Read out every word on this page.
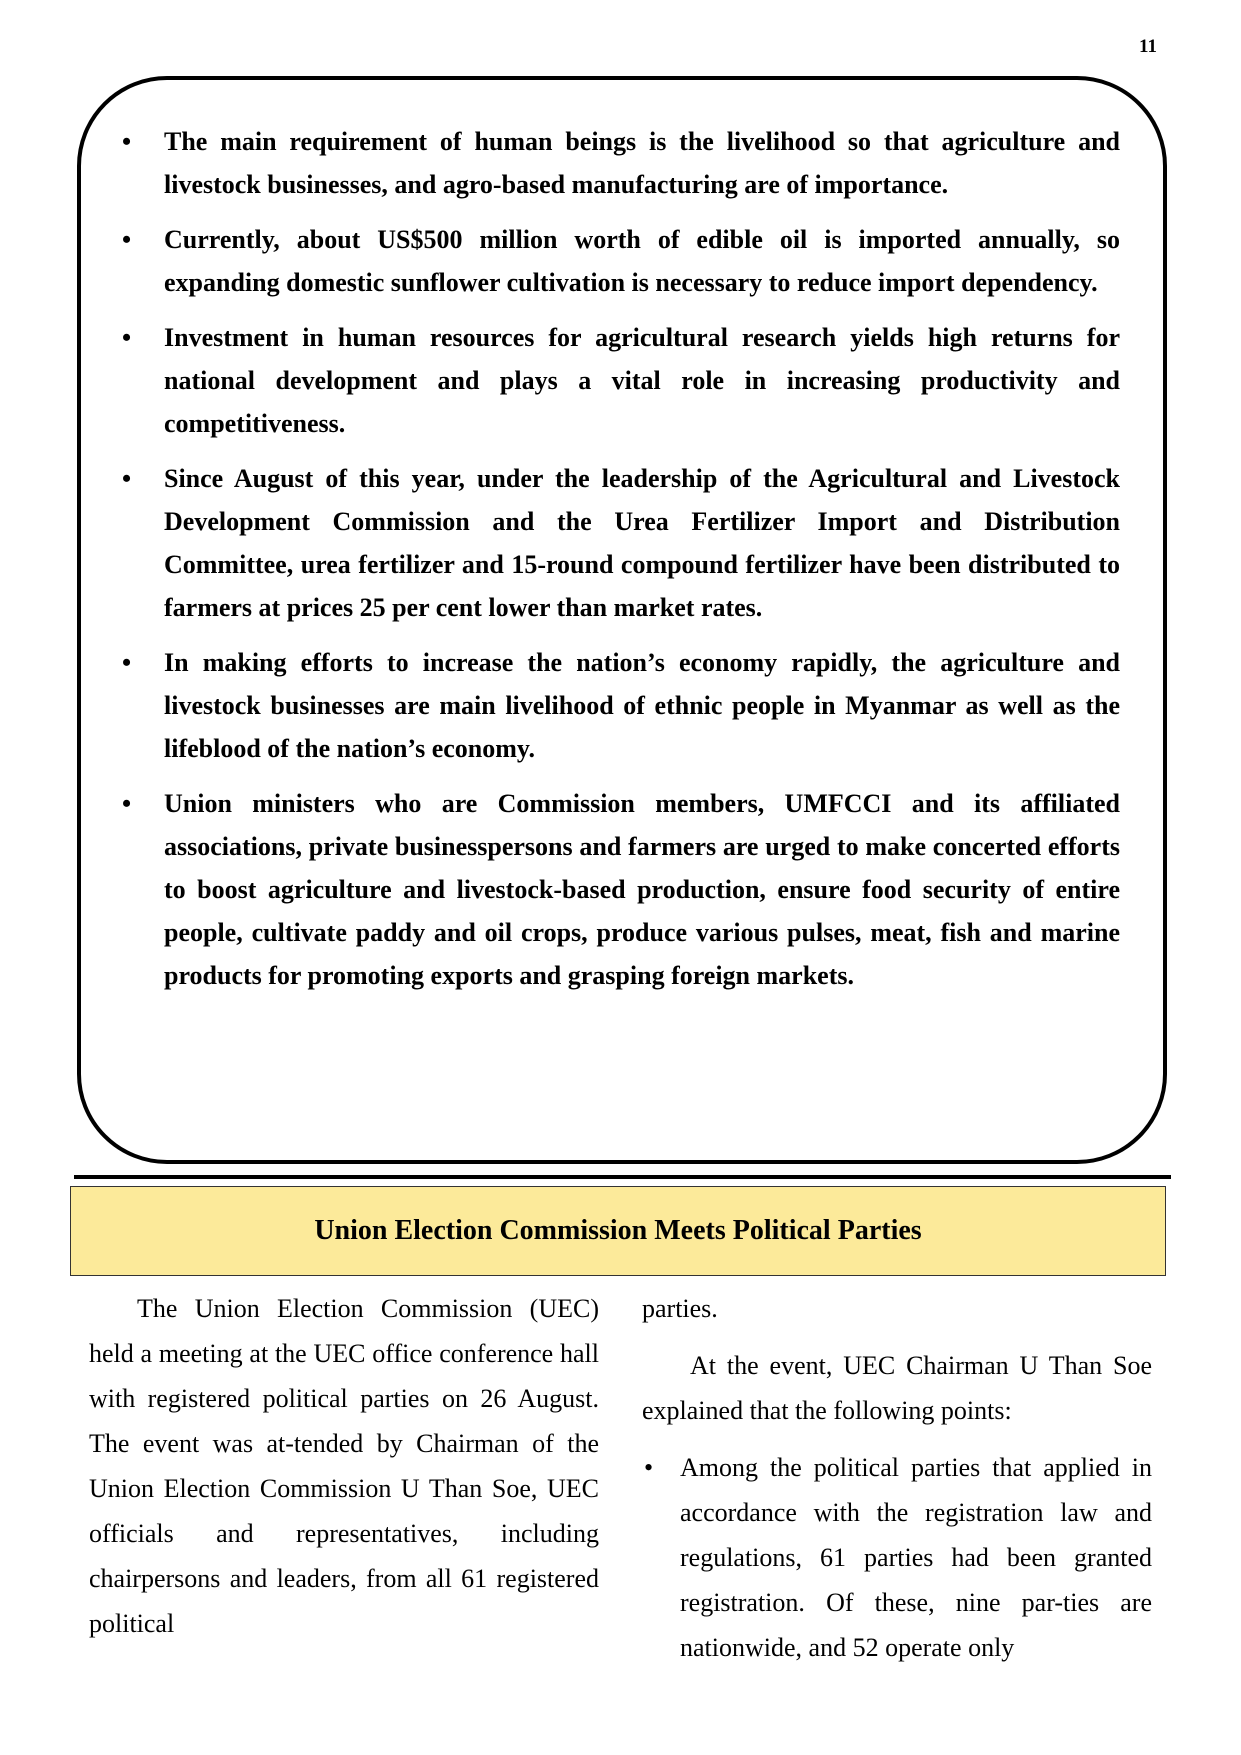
11
• The main requirement of human beings is the livelihood so that agriculture and livestock businesses, and agro-based manufacturing are of importance.
• Currently, about US$500 million worth of edible oil is imported annually, so expanding domestic sunflower cultivation is necessary to reduce import dependency.
• Investment in human resources for agricultural research yields high returns for national development and plays a vital role in increasing productivity and competitiveness.
• Since August of this year, under the leadership of the Agricultural and Livestock Development Commission and the Urea Fertilizer Import and Distribution Committee, urea fertilizer and 15-round compound fertilizer have been distributed to farmers at prices 25 per cent lower than market rates.
• In making efforts to increase the nation’s economy rapidly, the agriculture and livestock businesses are main livelihood of ethnic people in Myanmar as well as the lifeblood of the nation’s economy.
• Union ministers who are Commission members, UMFCCI and its affiliated associations, private businesspersons and farmers are urged to make concerted efforts to boost agriculture and livestock-based production, ensure food security of entire people, cultivate paddy and oil crops, produce various pulses, meat, fish and marine products for promoting exports and grasping foreign markets.
Union Election Commission Meets Political Parties

The Union Election Commission (UEC) held a meeting at the UEC office conference hall with registered political parties on 26 August. The event was at-tended by Chairman of the Union Election Commission U Than Soe, UEC officials and representatives, including chairpersons and leaders, from all 61 registered political

parties.

At the event, UEC Chairman U Than Soe explained that the following points:

• Among the political parties that applied in accordance with the registration law and regulations, 61 parties had been granted registration. Of these, nine par-ties are nationwide, and 52 operate only
